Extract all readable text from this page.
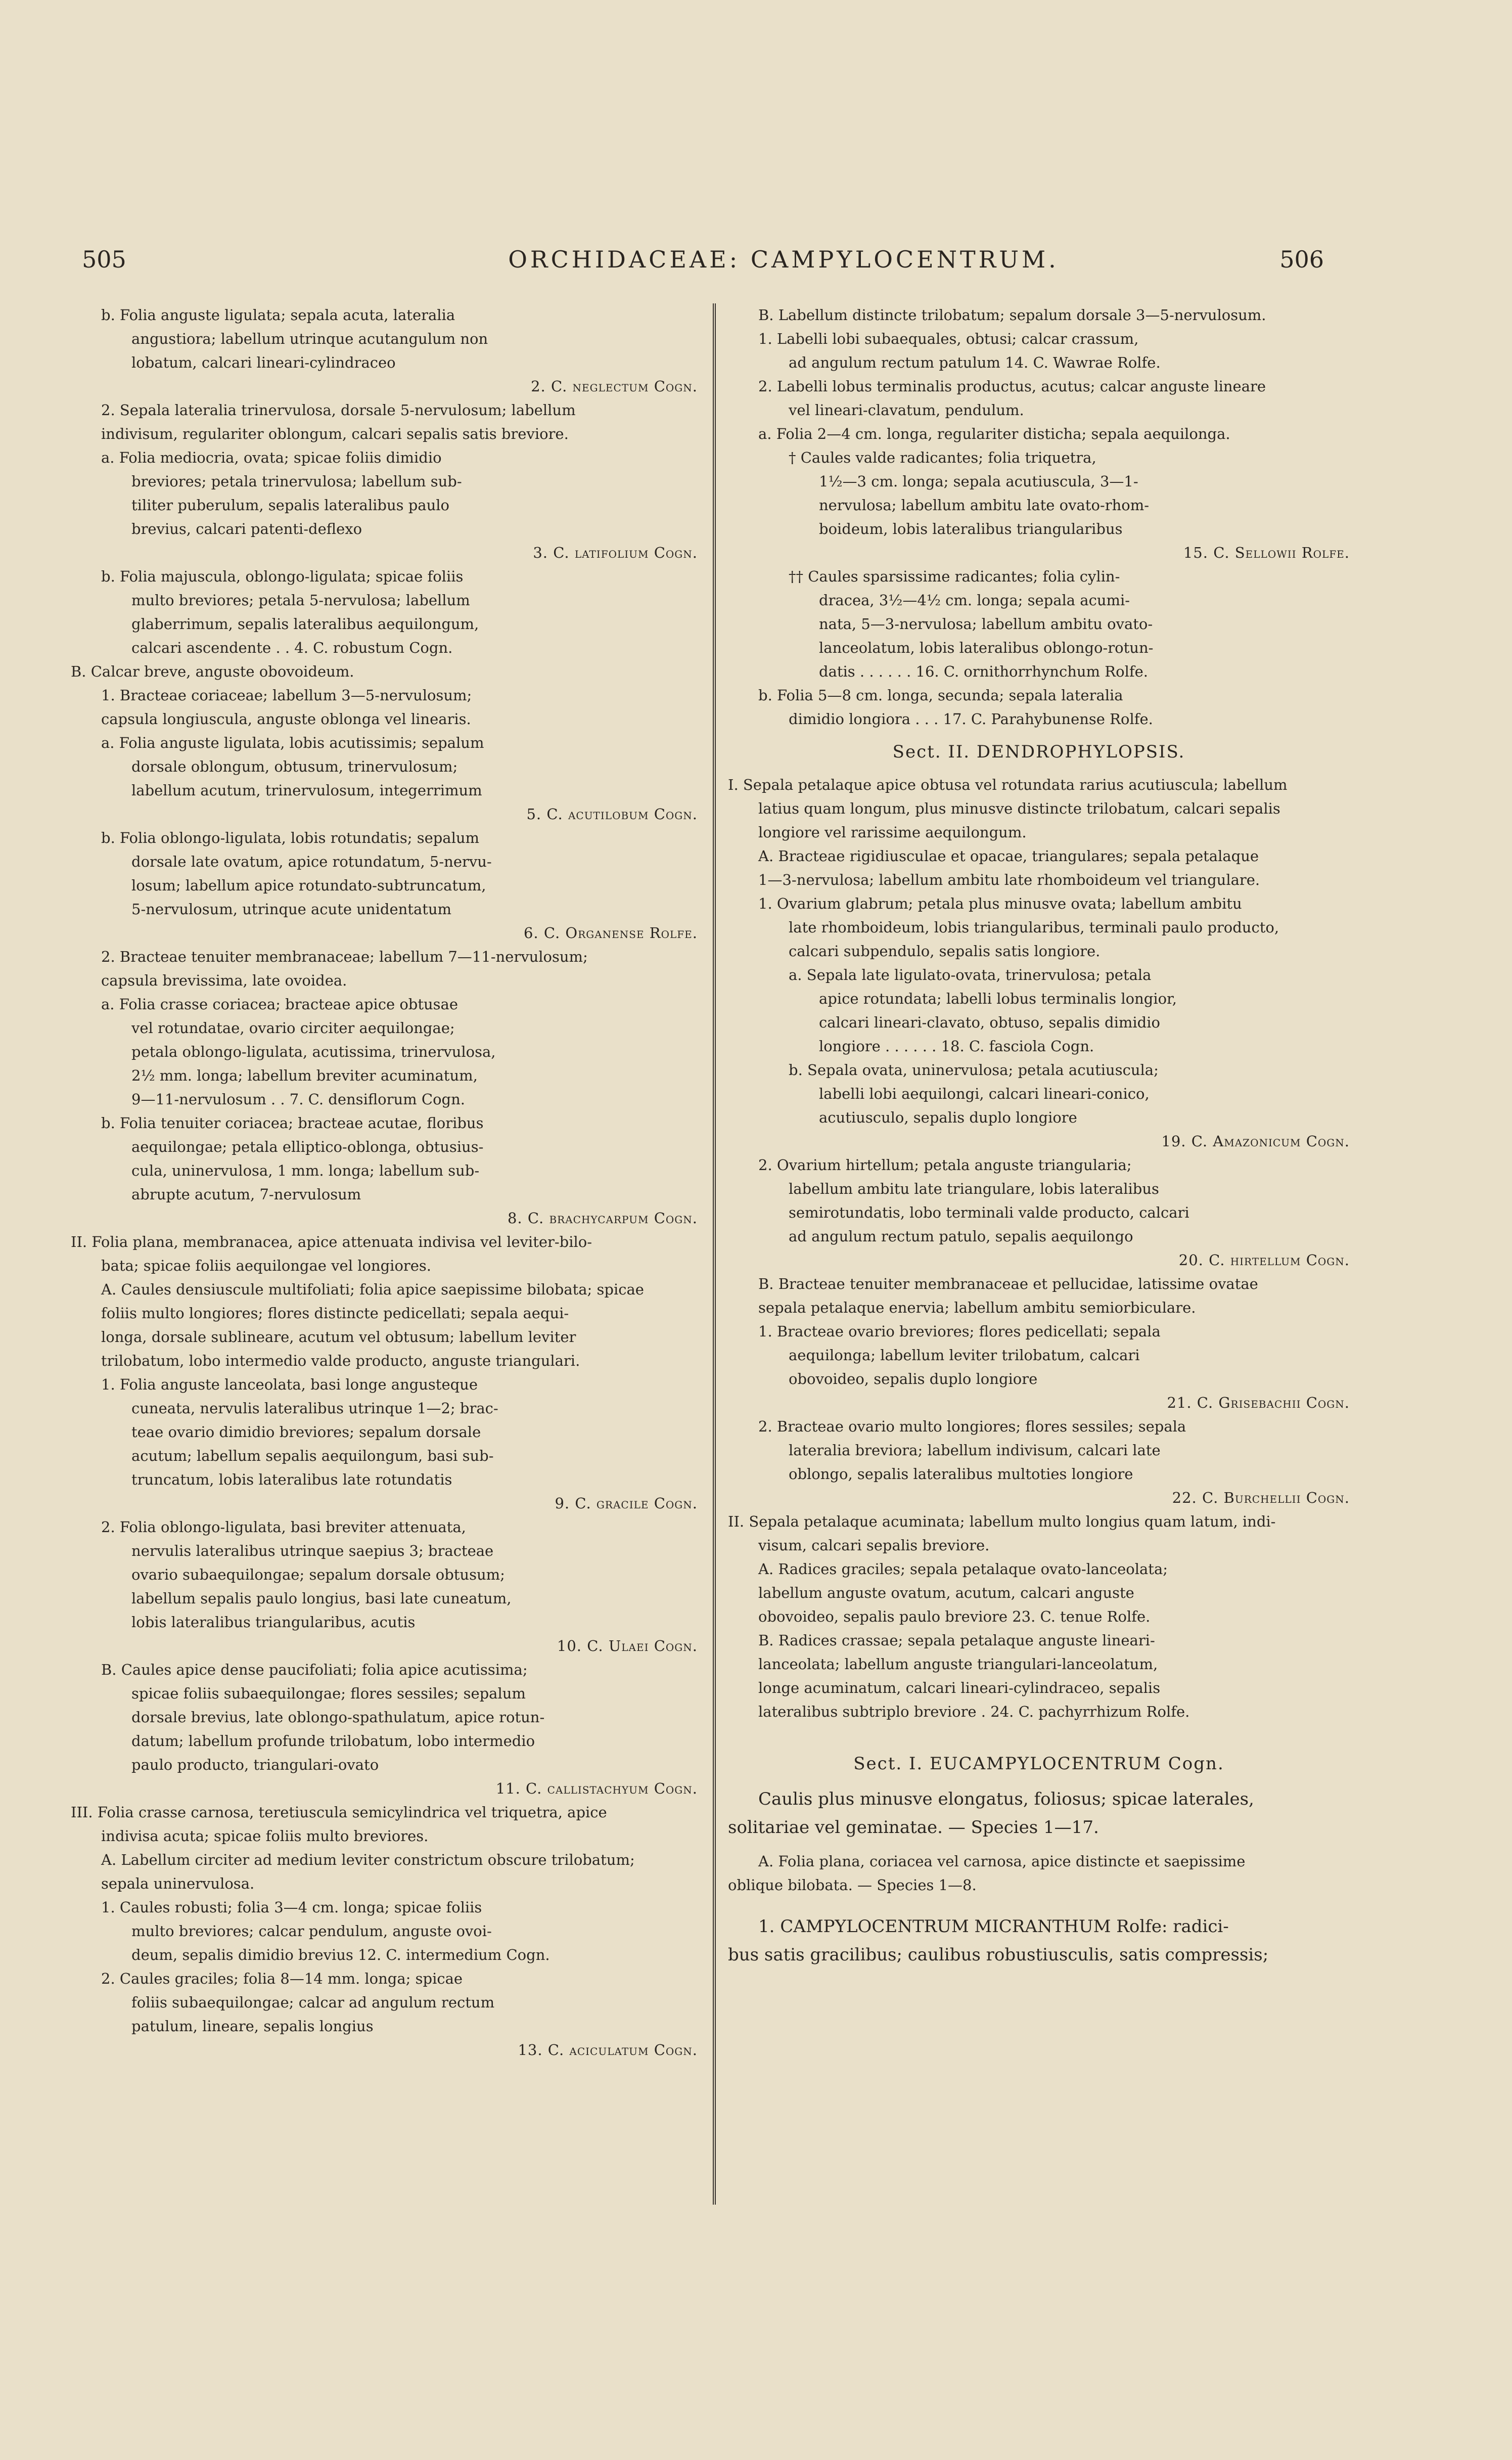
505	ORCHIDACEAE: CAMPYLOCENTRUM.	506

b. Folia anguste ligulata; sepala acuta, lateralia

angustiora; labellum utrinque acutangulum non

lobatum, calcari lineari-cylindraceo

2. C. neglectum Cogn.

2. Sepala lateralia trinervulosa, dorsale 5-nervulosum; labellum

indivisum, regulariter oblongum, calcari sepalis satis breviore.

a. Folia mediocria, ovata; spicae foliis dimidio

breviores; petala trinervulosa; labellum sub-

tiliter puberulum, sepalis lateralibus paulo

brevius, calcari patenti-deflexo

3. C. latifolium Cogn.

b. Folia majuscula, oblongo-ligulata; spicae foliis

multo breviores; petala 5-nervulosa; labellum

glaberrimum, sepalis lateralibus aequilongum,

calcari ascendente . . 4. C. robustum Cogn.

B. Calcar breve, anguste obovoideum.

1. Bracteae coriaceae; labellum 3—5-nervulosum;

capsula longiuscula, anguste oblonga vel linearis.

a. Folia anguste ligulata, lobis acutissimis; sepalum

dorsale oblongum, obtusum, trinervulosum;

labellum acutum, trinervulosum, integerrimum

5. C. acutilobum Cogn.

b. Folia oblongo-ligulata, lobis rotundatis; sepalum

dorsale late ovatum, apice rotundatum, 5-nervu-

losum; labellum apice rotundato-subtruncatum,

5-nervulosum, utrinque acute unidentatum

6. C. Organense Rolfe.

2. Bracteae tenuiter membranaceae; labellum 7—11-nervulosum;

capsula brevissima, late ovoidea.

a. Folia crasse coriacea; bracteae apice obtusae

vel rotundatae, ovario circiter aequilongae;

petala oblongo-ligulata, acutissima, trinervulosa,

2½ mm. longa; labellum breviter acuminatum,

9—11-nervulosum . . 7. C. densiflorum Cogn.

b. Folia tenuiter coriacea; bracteae acutae, floribus

aequilongae; petala elliptico-oblonga, obtusius-

cula, uninervulosa, 1 mm. longa; labellum sub-

abrupte acutum, 7-nervulosum

8. C. brachycarpum Cogn.

II. Folia plana, membranacea, apice attenuata indivisa vel leviter-bilo-

bata; spicae foliis aequilongae vel longiores.

A. Caules densiuscule multifoliati; folia apice saepissime bilobata; spicae

foliis multo longiores; flores distincte pedicellati; sepala aequi-

longa, dorsale sublineare, acutum vel obtusum; labellum leviter

trilobatum, lobo intermedio valde producto, anguste triangulari.

1. Folia anguste lanceolata, basi longe angusteque

cuneata, nervulis lateralibus utrinque 1—2; brac-

teae ovario dimidio breviores; sepalum dorsale

acutum; labellum sepalis aequilongum, basi sub-

truncatum, lobis lateralibus late rotundatis

9. C. gracile Cogn.

2. Folia oblongo-ligulata, basi breviter attenuata,

nervulis lateralibus utrinque saepius 3; bracteae

ovario subaequilongae; sepalum dorsale obtusum;

labellum sepalis paulo longius, basi late cuneatum,

lobis lateralibus triangularibus, acutis

10. C. Ulaei Cogn.

B. Caules apice dense paucifoliati; folia apice acutissima;

spicae foliis subaequilongae; flores sessiles; sepalum

dorsale brevius, late oblongo-spathulatum, apice rotun-

datum; labellum profunde trilobatum, lobo intermedio

paulo producto, triangulari-ovato

11. C. callistachyum Cogn.

III. Folia crasse carnosa, teretiuscula semicylindrica vel triquetra, apice

indivisa acuta; spicae foliis multo breviores.

A. Labellum circiter ad medium leviter constrictum obscure trilobatum;

sepala uninervulosa.

1. Caules robusti; folia 3—4 cm. longa; spicae foliis

multo breviores; calcar pendulum, anguste ovoi-

deum, sepalis dimidio brevius 12. C. intermedium Cogn.

2. Caules graciles; folia 8—14 mm. longa; spicae

foliis subaequilongae; calcar ad angulum rectum

patulum, lineare, sepalis longius

13. C. aciculatum Cogn.

B. Labellum distincte trilobatum; sepalum dorsale 3—5-nervulosum.

1. Labelli lobi subaequales, obtusi; calcar crassum,

ad angulum rectum patulum 14. C. Wawrae Rolfe.

2. Labelli lobus terminalis productus, acutus; calcar anguste lineare

vel lineari-clavatum, pendulum.

a. Folia 2—4 cm. longa, regulariter disticha; sepala aequilonga.

† Caules valde radicantes; folia triquetra,

1½—3 cm. longa; sepala acutiuscula, 3—1-

nervulosa; labellum ambitu late ovato-rhom-

boideum, lobis lateralibus triangularibus

15. C. Sellowii Rolfe.

†† Caules sparsissime radicantes; folia cylin-

dracea, 3½—4½ cm. longa; sepala acumi-

nata, 5—3-nervulosa; labellum ambitu ovato-

lanceolatum, lobis lateralibus oblongo-rotun-

datis . . . . . . 16. C. ornithorrhynchum Rolfe.

b. Folia 5—8 cm. longa, secunda; sepala lateralia

dimidio longiora . . . 17. C. Parahybunense Rolfe.

Sect. II. DENDROPHYLOPSIS.

I. Sepala petalaque apice obtusa vel rotundata rarius acutiuscula; labellum

latius quam longum, plus minusve distincte trilobatum, calcari sepalis

longiore vel rarissime aequilongum.

A. Bracteae rigidiusculae et opacae, triangulares; sepala petalaque

1—3-nervulosa; labellum ambitu late rhomboideum vel triangulare.

1. Ovarium glabrum; petala plus minusve ovata; labellum ambitu

late rhomboideum, lobis triangularibus, terminali paulo producto,

calcari subpendulo, sepalis satis longiore.

a. Sepala late ligulato-ovata, trinervulosa; petala

apice rotundata; labelli lobus terminalis longior,

calcari lineari-clavato, obtuso, sepalis dimidio

longiore . . . . . . 18. C. fasciola Cogn.

b. Sepala ovata, uninervulosa; petala acutiuscula;

labelli lobi aequilongi, calcari lineari-conico,

acutiusculo, sepalis duplo longiore

19. C. Amazonicum Cogn.

2. Ovarium hirtellum; petala anguste triangularia;

labellum ambitu late triangulare, lobis lateralibus

semirotundatis, lobo terminali valde producto, calcari

ad angulum rectum patulo, sepalis aequilongo

20. C. hirtellum Cogn.

B. Bracteae tenuiter membranaceae et pellucidae, latissime ovatae

sepala petalaque enervia; labellum ambitu semiorbiculare.

1. Bracteae ovario breviores; flores pedicellati; sepala

aequilonga; labellum leviter trilobatum, calcari

obovoideo, sepalis duplo longiore

21. C. Grisebachii Cogn.

2. Bracteae ovario multo longiores; flores sessiles; sepala

lateralia breviora; labellum indivisum, calcari late

oblongo, sepalis lateralibus multoties longiore

22. C. Burchellii Cogn.

II. Sepala petalaque acuminata; labellum multo longius quam latum, indi-

visum, calcari sepalis breviore.

A. Radices graciles; sepala petalaque ovato-lanceolata;

labellum anguste ovatum, acutum, calcari anguste

obovoideo, sepalis paulo breviore 23. C. tenue Rolfe.

B. Radices crassae; sepala petalaque anguste lineari-

lanceolata; labellum anguste triangulari-lanceolatum,

longe acuminatum, calcari lineari-cylindraceo, sepalis

lateralibus subtriplo breviore . 24. C. pachyrrhizum Rolfe.

Sect. I. EUCAMPYLOCENTRUM Cogn.

Caulis plus minusve elongatus, foliosus; spicae laterales,

solitariae vel geminatae. — Species 1—17.

A. Folia plana, coriacea vel carnosa, apice distincte et saepissime

oblique bilobata. — Species 1—8.

1. CAMPYLOCENTRUM MICRANTHUM Rolfe: radici-

bus satis gracilibus; caulibus robustiusculis, satis compressis;
